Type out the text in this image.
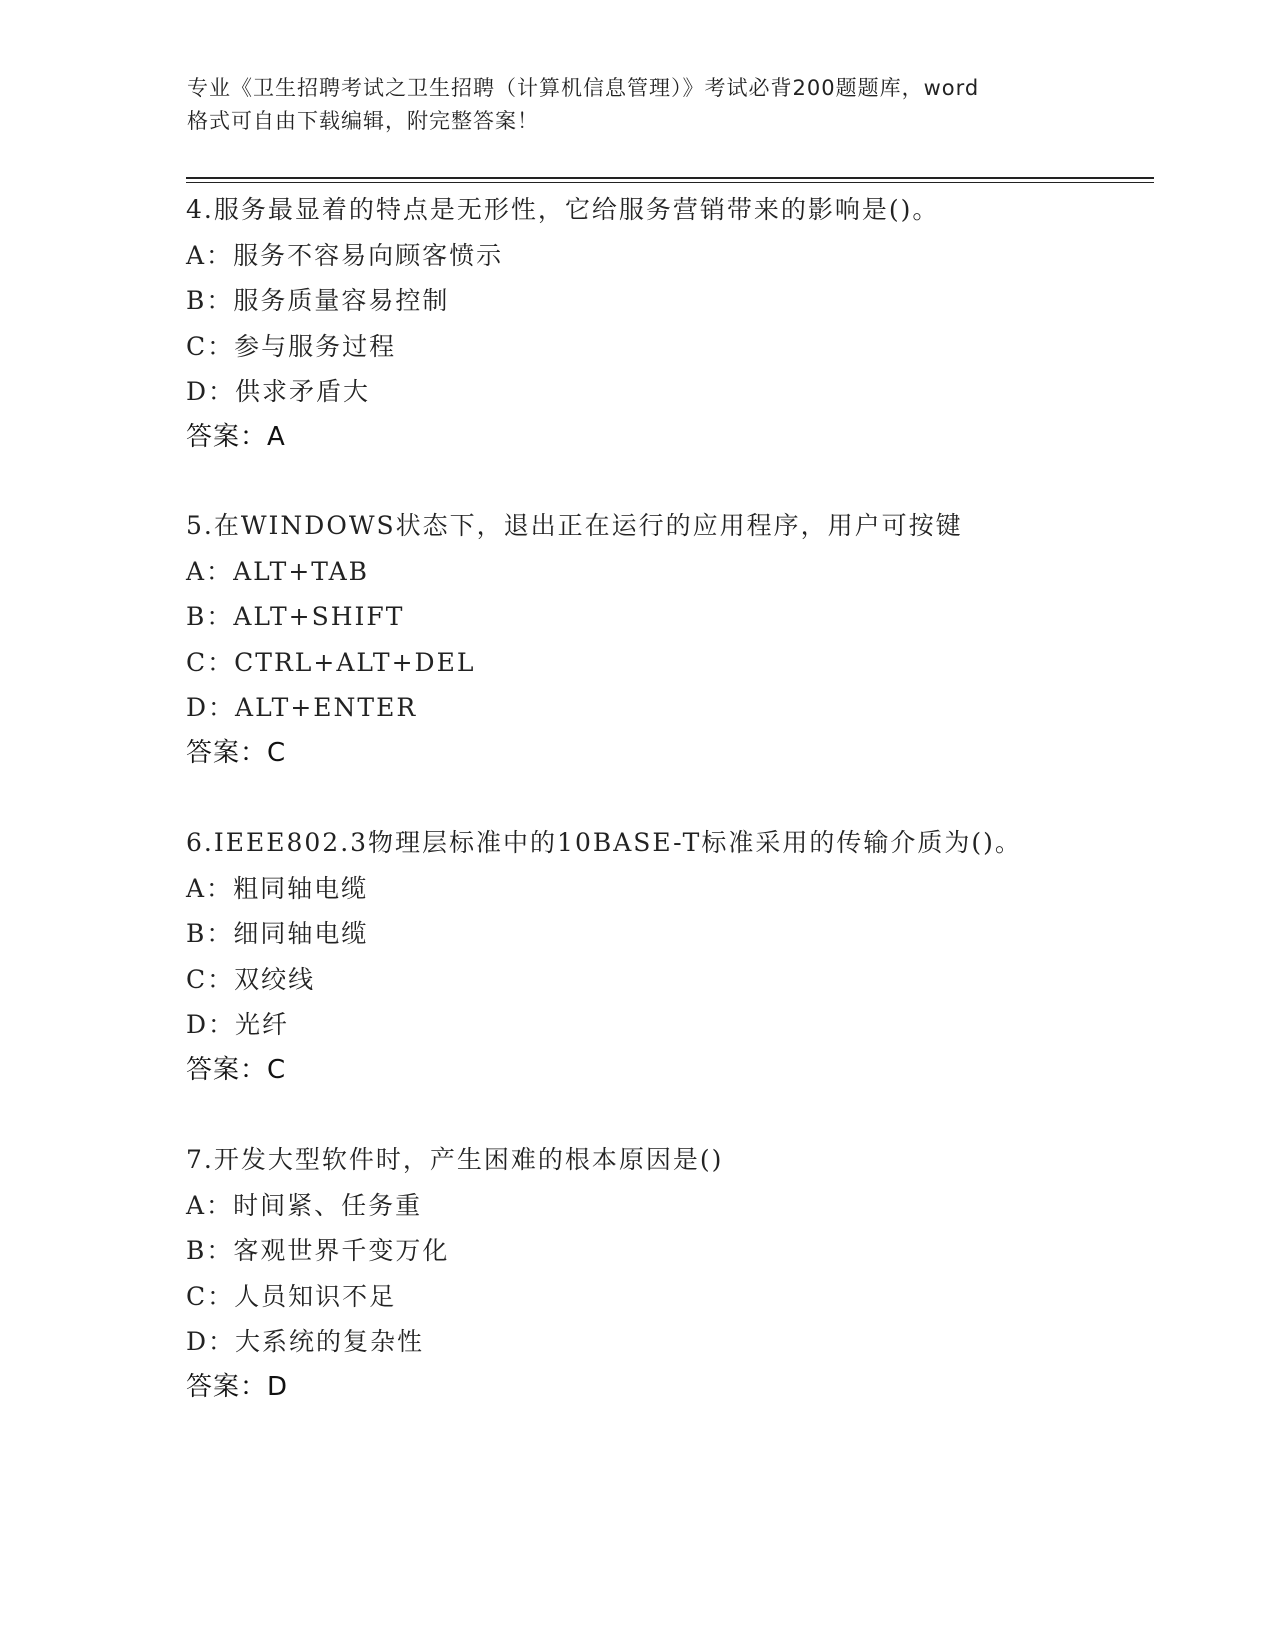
专业《卫生招聘考试之卫生招聘（计算机信息管理）》考试必背200题题库，word

格式可自由下载编辑，附完整答案！

4.服务最显着的特点是无形性，它给服务营销带来的影响是()。
A：服务不容易向顾客愤示
B：服务质量容易控制
C：参与服务过程
D：供求矛盾大
答案：A
5.在WINDOWS状态下，退出正在运行的应用程序，用户可按键
A：ALT+TAB
B：ALT+SHIFT
C：CTRL+ALT+DEL
D：ALT+ENTER
答案：C
6.IEEE802.3物理层标准中的10BASE-T标准采用的传输介质为()。
A：粗同轴电缆
B：细同轴电缆
C：双绞线
D：光纤
答案：C
7.开发大型软件时，产生困难的根本原因是()
A：时间紧、任务重
B：客观世界千变万化
C：人员知识不足
D：大系统的复杂性
答案：D
